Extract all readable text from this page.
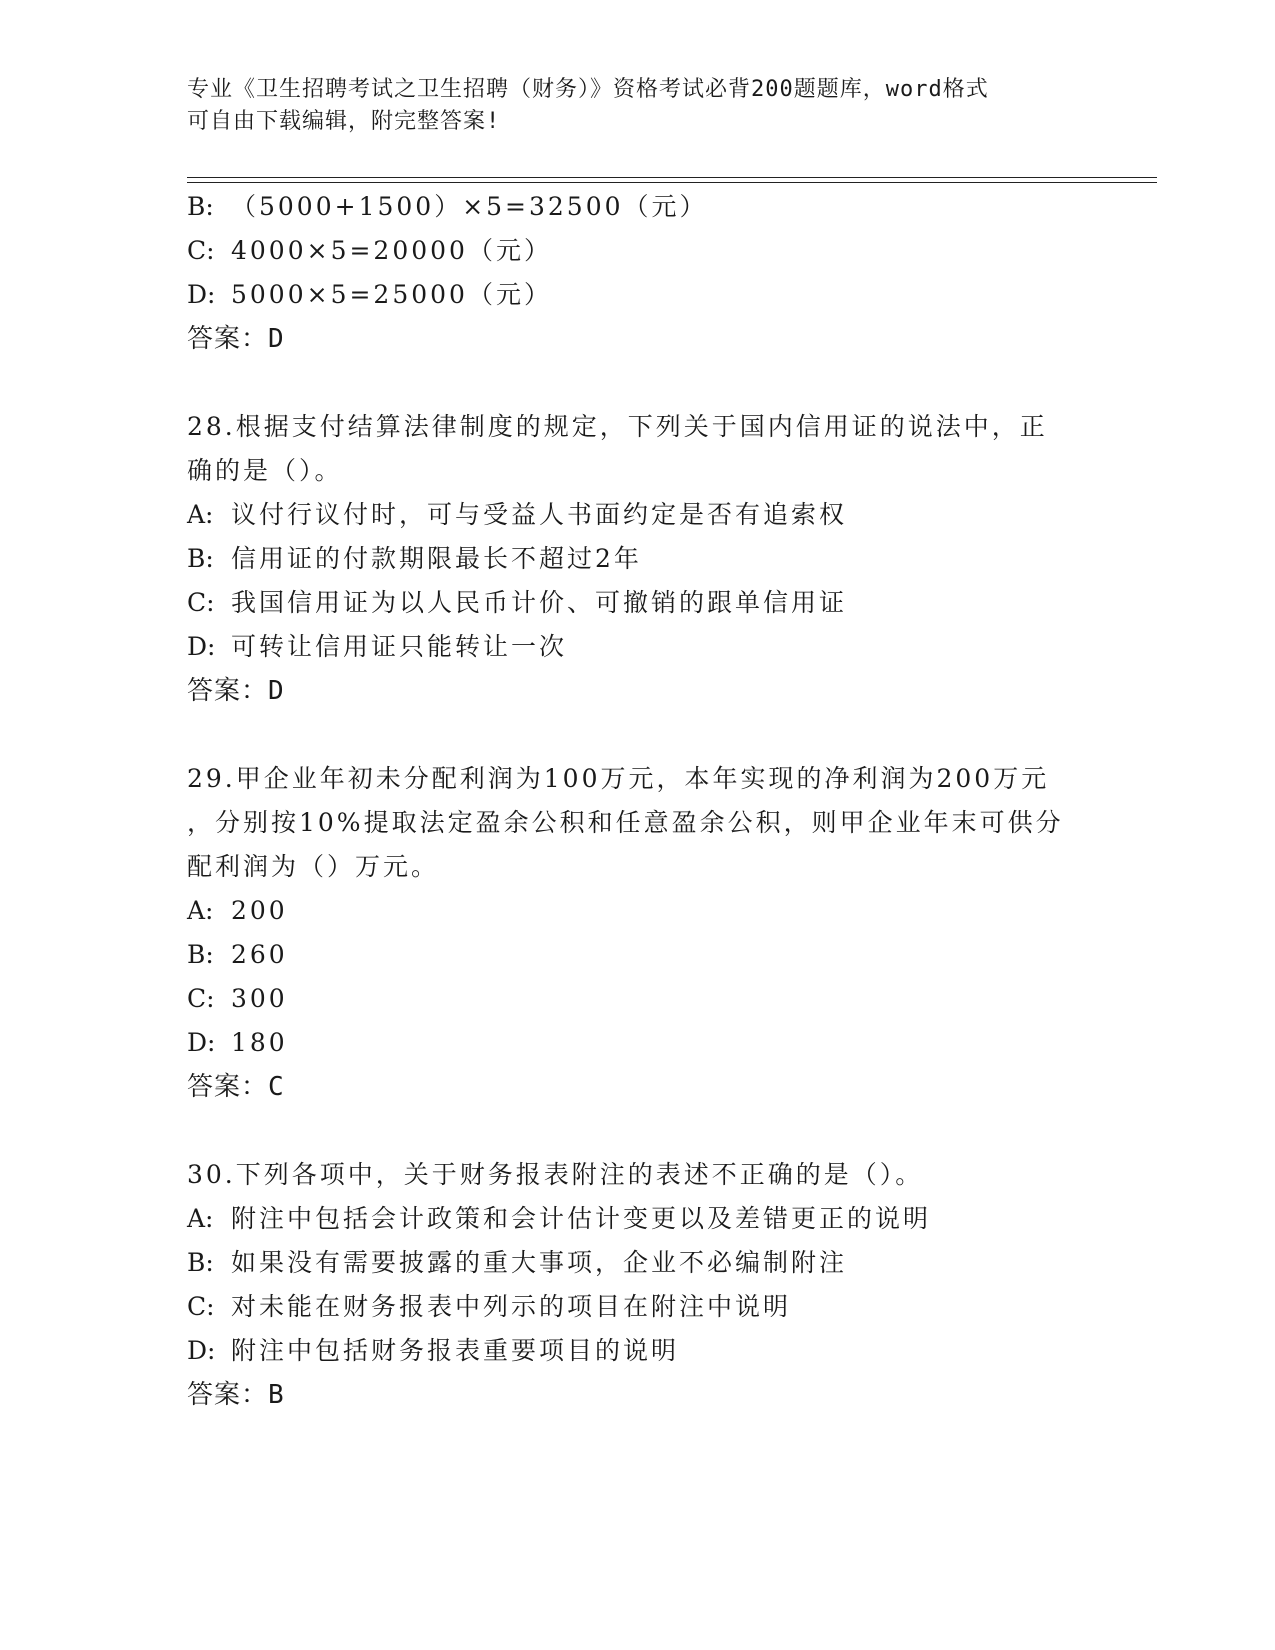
专业《卫生招聘考试之卫生招聘（财务）》资格考试必背200题题库，word格式
可自由下载编辑，附完整答案!
B: （5000+1500）×5=32500（元）
C: 4000×5=20000（元）
D: 5000×5=25000（元）
答案：D
28.根据支付结算法律制度的规定，下列关于国内信用证的说法中，正
确的是（）。
A: 议付行议付时，可与受益人书面约定是否有追索权
B: 信用证的付款期限最长不超过2年
C: 我国信用证为以人民币计价、可撤销的跟单信用证
D: 可转让信用证只能转让一次
答案：D
29.甲企业年初未分配利润为100万元，本年实现的净利润为200万元
，分别按10%提取法定盈余公积和任意盈余公积，则甲企业年末可供分
配利润为（）万元。
A: 200
B: 260
C: 300
D: 180
答案：C
30.下列各项中，关于财务报表附注的表述不正确的是（）。
A: 附注中包括会计政策和会计估计变更以及差错更正的说明
B: 如果没有需要披露的重大事项，企业不必编制附注
C: 对未能在财务报表中列示的项目在附注中说明
D: 附注中包括财务报表重要项目的说明
答案：B
